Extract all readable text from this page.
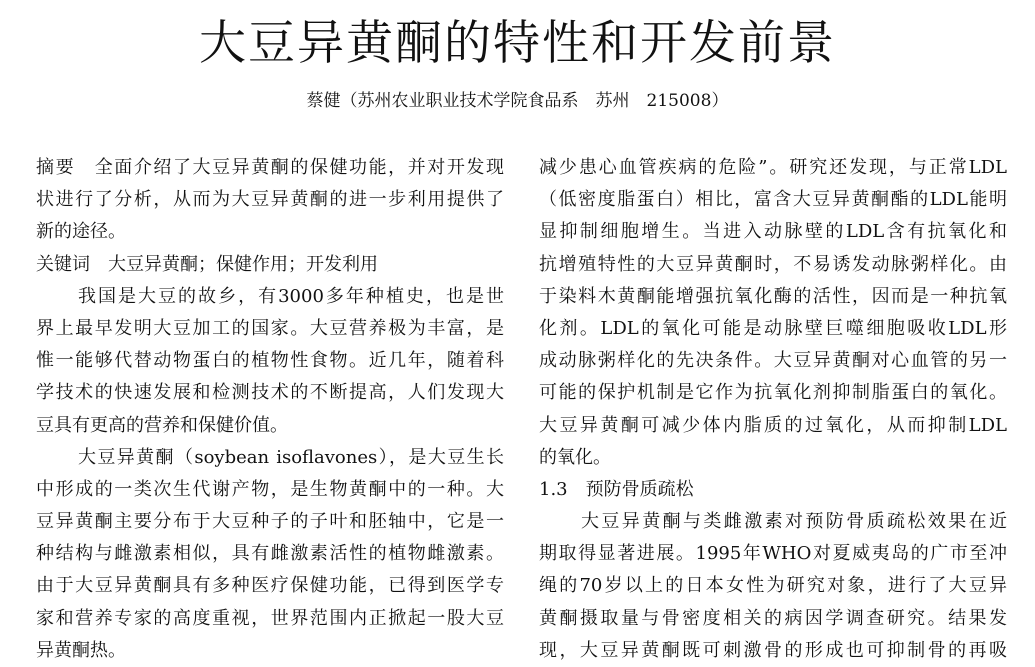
大豆异黄酮的特性和开发前景
蔡健（苏州农业职业技术学院食品系　苏州　215008）
摘要　全面介绍了大豆异黄酮的保健功能，并对开发现
状进行了分析，从而为大豆异黄酮的进一步利用提供了
新的途径。
关键词　大豆异黄酮；保健作用；开发利用
我国是大豆的故乡，有3000多年种植史，也是世
界上最早发明大豆加工的国家。大豆营养极为丰富，是
惟一能够代替动物蛋白的植物性食物。近几年，随着科
学技术的快速发展和检测技术的不断提高，人们发现大
豆具有更高的营养和保健价值。
大豆异黄酮（soybean isoflavones），是大豆生长
中形成的一类次生代谢产物，是生物黄酮中的一种。大
豆异黄酮主要分布于大豆种子的子叶和胚轴中，它是一
种结构与雌激素相似，具有雌激素活性的植物雌激素。
由于大豆异黄酮具有多种医疗保健功能，已得到医学专
家和营养专家的高度重视，世界范围内正掀起一股大豆
异黄酮热。
减少患心血管疾病的危险”。研究还发现，与正常LDL
（低密度脂蛋白）相比，富含大豆异黄酮酯的LDL能明
显抑制细胞增生。当进入动脉壁的LDL含有抗氧化和
抗增殖特性的大豆异黄酮时，不易诱发动脉粥样化。由
于染料木黄酮能增强抗氧化酶的活性，因而是一种抗氧
化剂。LDL的氧化可能是动脉壁巨噬细胞吸收LDL形
成动脉粥样化的先决条件。大豆异黄酮对心血管的另一
可能的保护机制是它作为抗氧化剂抑制脂蛋白的氧化。
大豆异黄酮可减少体内脂质的过氧化，从而抑制LDL
的氧化。
1.3　预防骨质疏松
大豆异黄酮与类雌激素对预防骨质疏松效果在近
期取得显著进展。1995年WHO对夏威夷岛的广市至冲
绳的70岁以上的日本女性为研究对象，进行了大豆异
黄酮摄取量与骨密度相关的病因学调查研究。结果发
现，大豆异黄酮既可刺激骨的形成也可抑制骨的再吸
